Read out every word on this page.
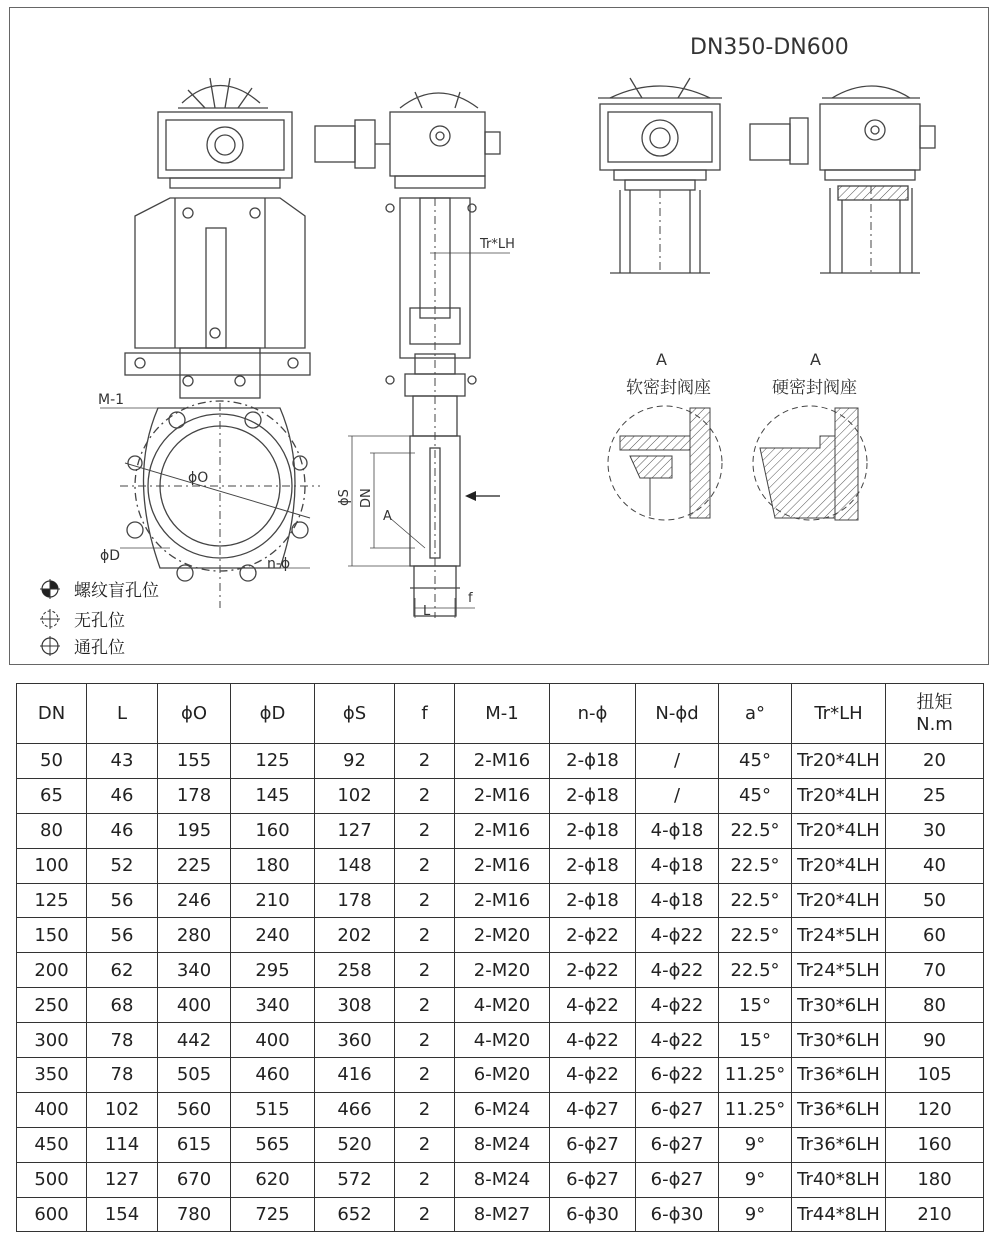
DN350-DN600
M-1
ϕO
ϕD	n-ϕ
Tr*LH
ϕS DN
A
L
f
A
软密封阀座
A
硬密封阀座
螺纹盲孔位
无孔位
通孔位
DN	L	ϕO	ϕD	ϕS	f	M-1	n-ϕ	N-ϕd	a°	Tr*LH	扭矩
N.m

50	43	155	125	92	2	2-M16	2-ϕ18	/	45°	Tr20*4LH	20
65	46	178	145	102	2	2-M16	2-ϕ18	/	45°	Tr20*4LH	25
80	46	195	160	127	2	2-M16	2-ϕ18	4-ϕ18	22.5°	Tr20*4LH	30
100	52	225	180	148	2	2-M16	2-ϕ18	4-ϕ18	22.5°	Tr20*4LH	40
125	56	246	210	178	2	2-M16	2-ϕ18	4-ϕ18	22.5°	Tr20*4LH	50
150	56	280	240	202	2	2-M20	2-ϕ22	4-ϕ22	22.5°	Tr24*5LH	60
200	62	340	295	258	2	2-M20	2-ϕ22	4-ϕ22	22.5°	Tr24*5LH	70
250	68	400	340	308	2	4-M20	4-ϕ22	4-ϕ22	15°	Tr30*6LH	80
300	78	442	400	360	2	4-M20	4-ϕ22	4-ϕ22	15°	Tr30*6LH	90
350	78	505	460	416	2	6-M20	4-ϕ22	6-ϕ22	11.25°	Tr36*6LH	105
400	102	560	515	466	2	6-M24	4-ϕ27	6-ϕ27	11.25°	Tr36*6LH	120
450	114	615	565	520	2	8-M24	6-ϕ27	6-ϕ27	9°	Tr36*6LH	160
500	127	670	620	572	2	8-M24	6-ϕ27	6-ϕ27	9°	Tr40*8LH	180
600	154	780	725	652	2	8-M27	6-ϕ30	6-ϕ30	9°	Tr44*8LH	210
